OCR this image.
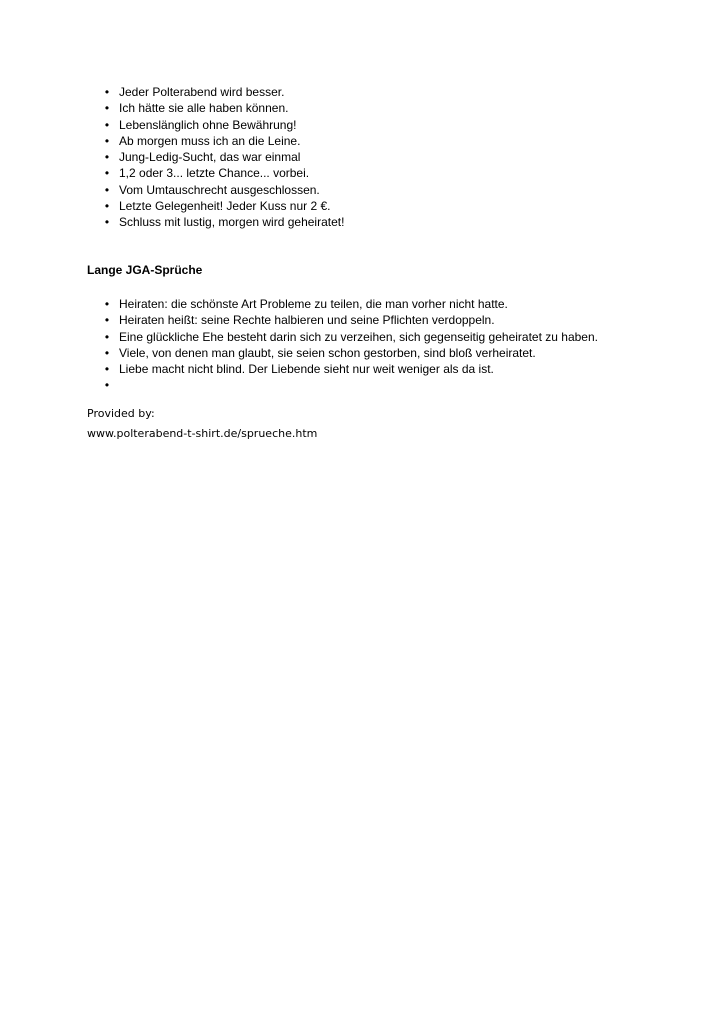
• Jeder Polterabend wird besser.
• Ich hätte sie alle haben können.
• Lebenslänglich ohne Bewährung!
• Ab morgen muss ich an die Leine.
• Jung-Ledig-Sucht, das war einmal
• 1,2 oder 3... letzte Chance... vorbei.
• Vom Umtauschrecht ausgeschlossen.
• Letzte Gelegenheit! Jeder Kuss nur 2 €.
• Schluss mit lustig, morgen wird geheiratet!
Lange JGA-Sprüche
• Heiraten: die schönste Art Probleme zu teilen, die man vorher nicht hatte.
• Heiraten heißt: seine Rechte halbieren und seine Pflichten verdoppeln.
• Eine glückliche Ehe besteht darin sich zu verzeihen, sich gegenseitig geheiratet zu haben.
• Viele, von denen man glaubt, sie seien schon gestorben, sind bloß verheiratet.
• Liebe macht nicht blind. Der Liebende sieht nur weit weniger als da ist.
•
Provided by:
www.polterabend-t-shirt.de/sprueche.htm
